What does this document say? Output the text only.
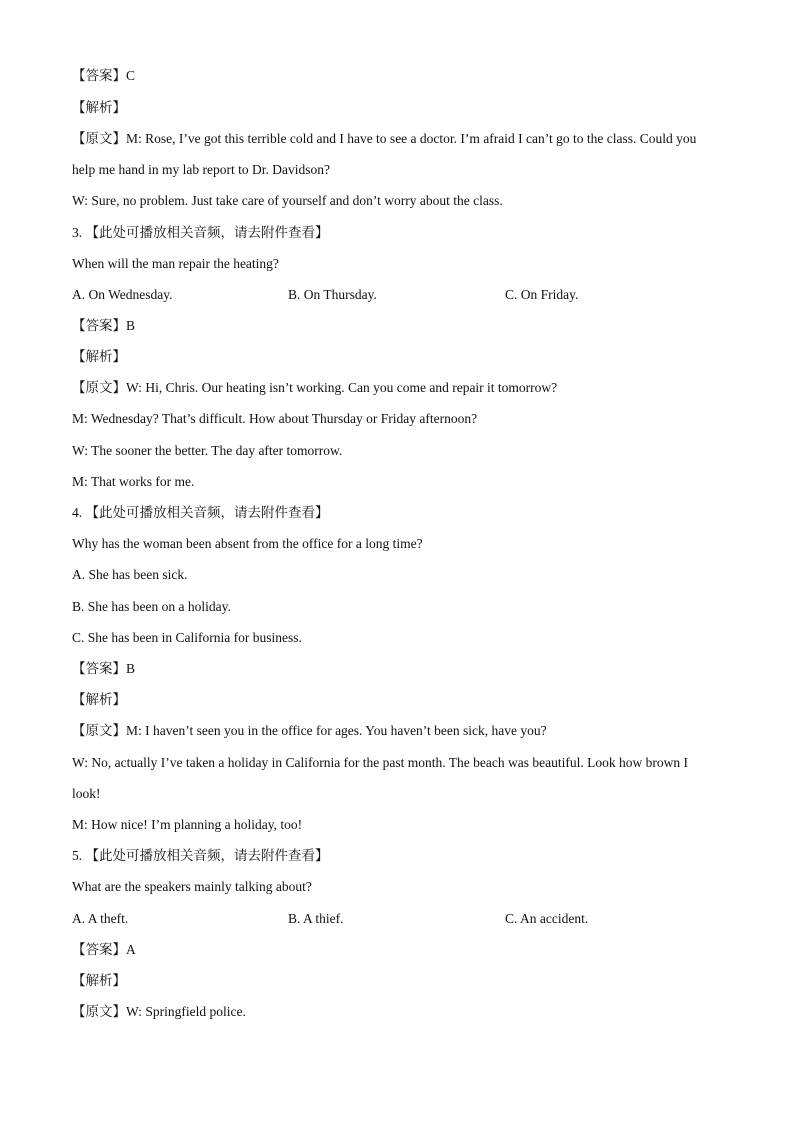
【答案】C
【解析】
【原文】M: Rose, I’ve got this terrible cold and I have to see a doctor. I’m afraid I can’t go to the class. Could you
help me hand in my lab report to Dr. Davidson?
W: Sure, no problem. Just take care of yourself and don’t worry about the class.
3. 【此处可播放相关音频，请去附件查看】
When will the man repair the heating?
A. On Wednesday.	B. On Thursday.	C. On Friday.
【答案】B
【解析】
【原文】W: Hi, Chris. Our heating isn’t working. Can you come and repair it tomorrow?
M: Wednesday? That’s difficult. How about Thursday or Friday afternoon?
W: The sooner the better. The day after tomorrow.
M: That works for me.
4. 【此处可播放相关音频，请去附件查看】
Why has the woman been absent from the office for a long time?
A. She has been sick.
B. She has been on a holiday.
C. She has been in California for business.
【答案】B
【解析】
【原文】M: I haven’t seen you in the office for ages. You haven’t been sick, have you?
W: No, actually I’ve taken a holiday in California for the past month. The beach was beautiful. Look how brown I
look!
M: How nice! I’m planning a holiday, too!
5. 【此处可播放相关音频，请去附件查看】
What are the speakers mainly talking about?
A. A theft.	B. A thief.	C. An accident.
【答案】A
【解析】
【原文】W: Springfield police.
